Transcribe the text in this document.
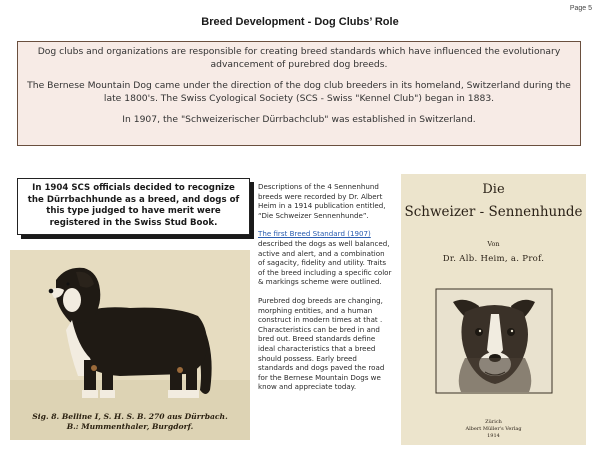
Page 5
Breed Development - Dog Clubs’ Role

Dog clubs and organizations are responsible for creating breed standards which have influenced the evolutionary advancement of purebred dog breeds.

The Bernese Mountain Dog came under the direction of the dog club breeders in its homeland, Switzerland during the late 1800's. The Swiss Cyological Society (SCS - Swiss "Kennel Club") began in 1883.

In 1907, the "Schweizerischer Dürrbachclub" was established in Switzerland.

In 1904 SCS officials decided to recognize the Dürrbachhunde as a breed, and dogs of this type judged to have merit were registered in the Swiss Stud Book.
Sig. 8. Belline I, S. H. S. B. 270 aus Dürrbach.
B.: Mummenthaler, Burgdorf.

Descriptions of the 4 Sennenhund breeds were recorded by Dr. Albert Heim in a 1914 publication entitled, “Die Schweizer Sennenhunde”.

The first Breed Standard (1907) described the dogs as well balanced, active and alert, and a combination of sagacity, fidelity and utility. Traits of the breed including a specific color & markings scheme were outlined.

Purebred dog breeds are changing, morphing entities, and a human construct in modern times at that . Characteristics can be bred in and bred out. Breed standards define ideal characteristics that a breed should possess. Early breed standards and dogs paved the road for the Bernese Mountain Dogs we know and appreciate today.

Die
Schweizer - Sennenhunde
Von
Dr. Alb. Heim, a. Prof.
Zürich
Albert Müller's Verlag
1914
